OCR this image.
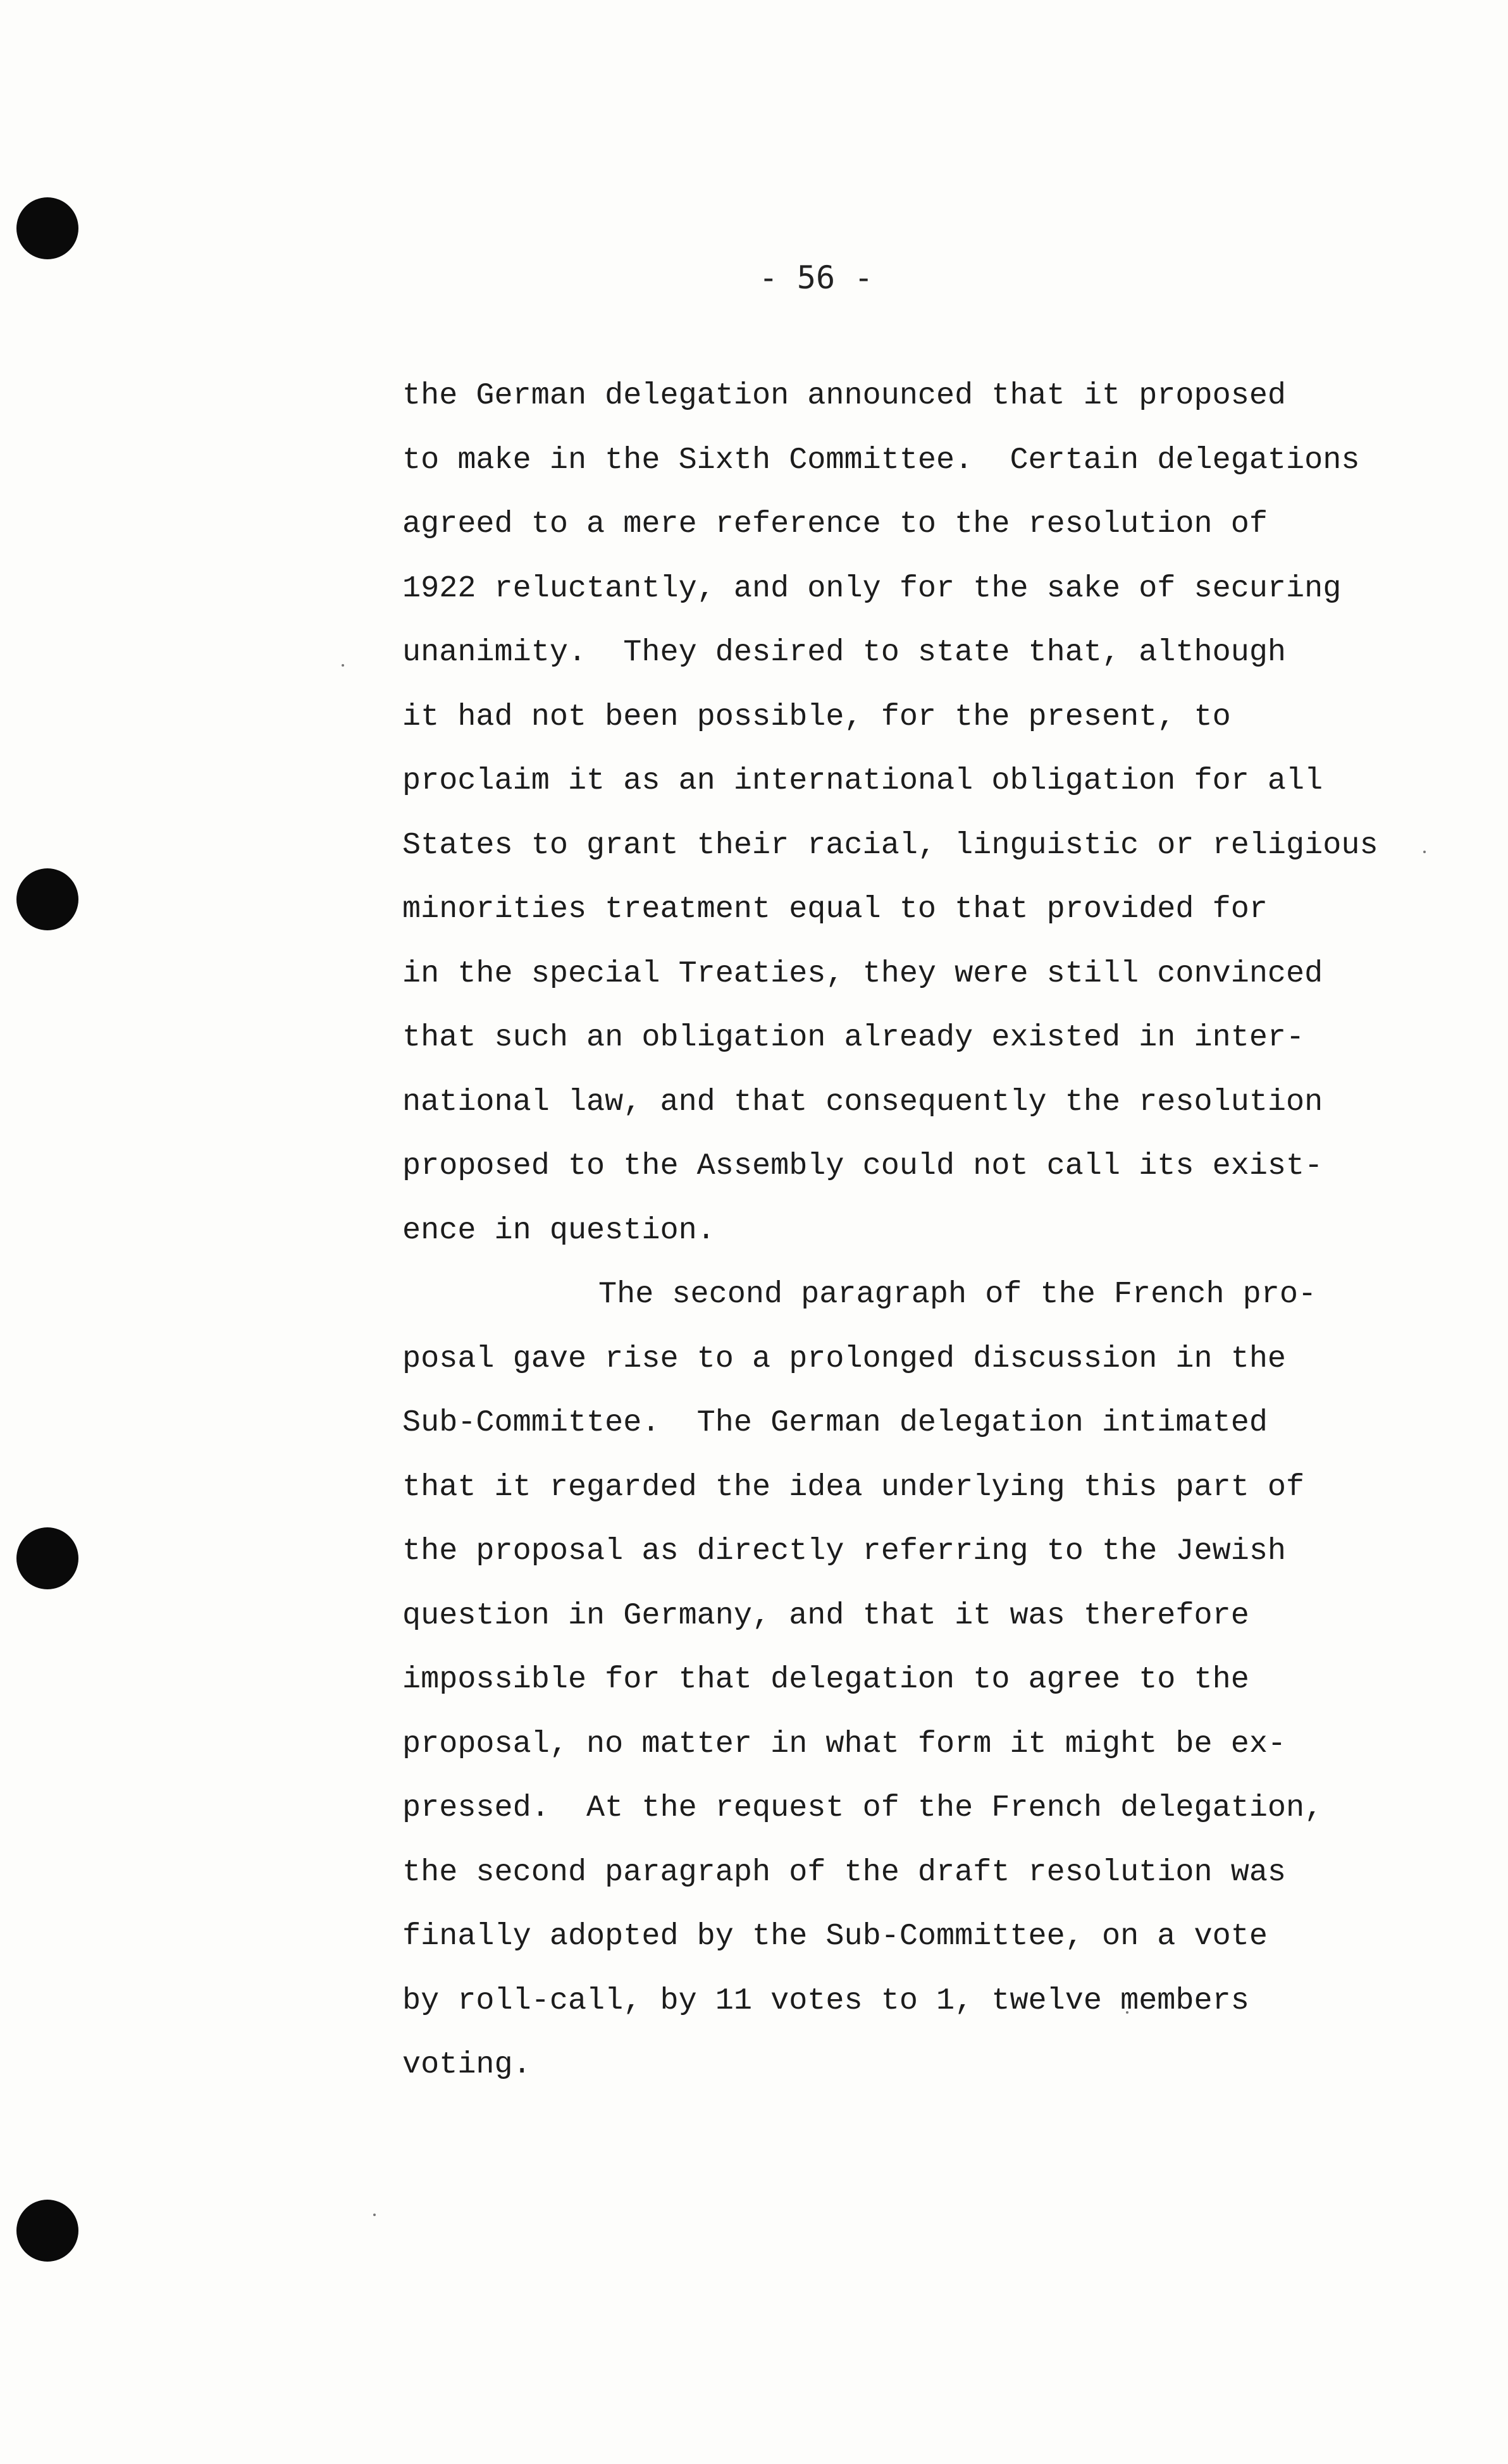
- 56 -
the German delegation announced that it proposed
to make in the Sixth Committee.  Certain delegations
agreed to a mere reference to the resolution of
1922 reluctantly, and only for the sake of securing
unanimity.  They desired to state that, although
it had not been possible, for the present, to
proclaim it as an international obligation for all
States to grant their racial, linguistic or religious
minorities treatment equal to that provided for
in the special Treaties, they were still convinced
that such an obligation already existed in inter-
national law, and that consequently the resolution
proposed to the Assembly could not call its exist-
ence in question.
The second paragraph of the French pro-
posal gave rise to a prolonged discussion in the
Sub-Committee.  The German delegation intimated
that it regarded the idea underlying this part of
the proposal as directly referring to the Jewish
question in Germany, and that it was therefore
impossible for that delegation to agree to the
proposal, no matter in what form it might be ex-
pressed.  At the request of the French delegation,
the second paragraph of the draft resolution was
finally adopted by the Sub-Committee, on a vote
by roll-call, by 11 votes to 1, twelve members
voting.
